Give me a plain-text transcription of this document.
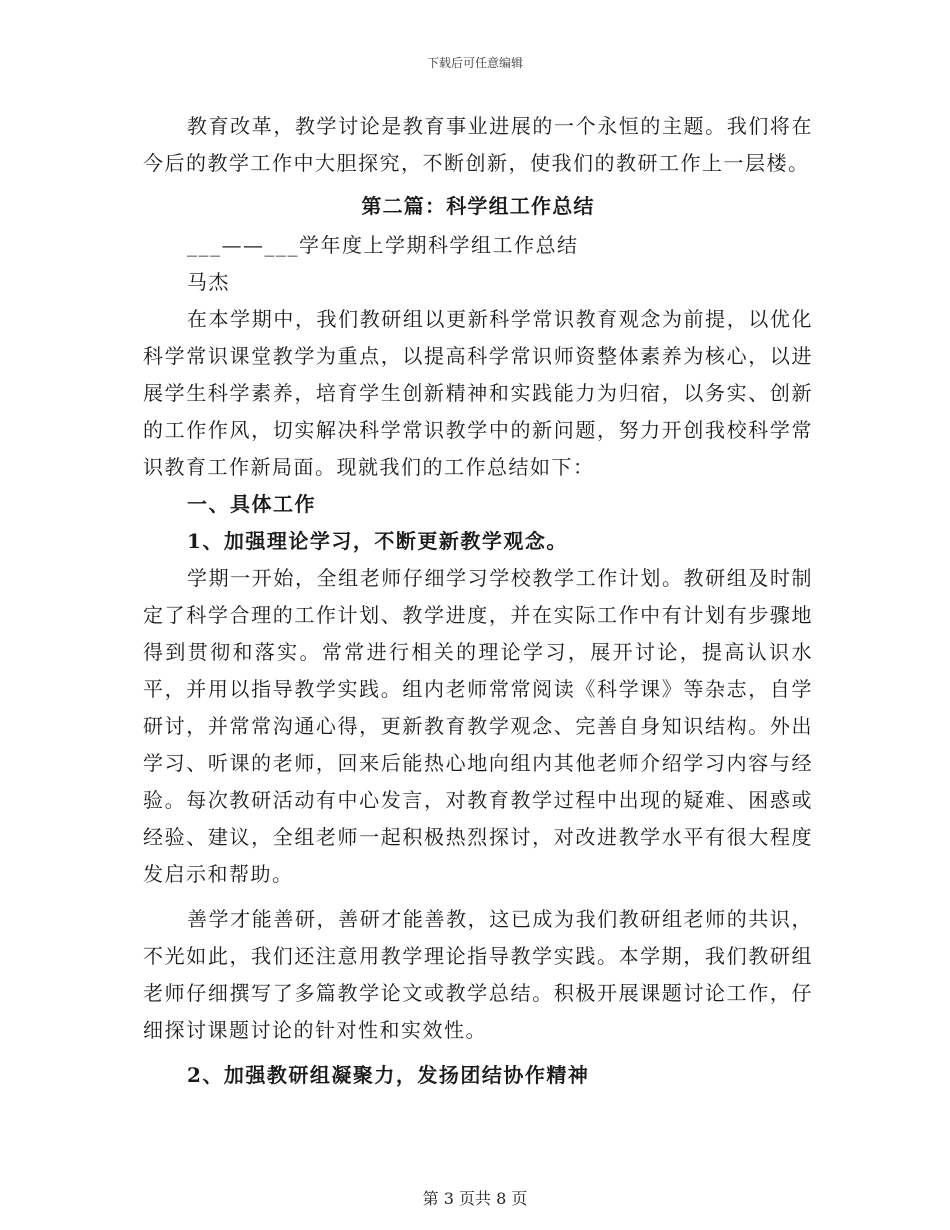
下载后可任意编辑

教育改革，教学讨论是教育事业进展的一个永恒的主题。我们将在今后的教学工作中大胆探究，不断创新，使我们的教研工作上一层楼。

第二篇：科学组工作总结

___——___学年度上学期科学组工作总结

马杰

在本学期中，我们教研组以更新科学常识教育观念为前提，以优化科学常识课堂教学为重点，以提高科学常识师资整体素养为核心，以进展学生科学素养，培育学生创新精神和实践能力为归宿，以务实、创新的工作作风，切实解决科学常识教学中的新问题，努力开创我校科学常识教育工作新局面。现就我们的工作总结如下：

一、具体工作

1、加强理论学习，不断更新教学观念。

学期一开始，全组老师仔细学习学校教学工作计划。教研组及时制定了科学合理的工作计划、教学进度，并在实际工作中有计划有步骤地得到贯彻和落实。常常进行相关的理论学习，展开讨论，提高认识水平，并用以指导教学实践。组内老师常常阅读《科学课》等杂志，自学研讨，并常常沟通心得，更新教育教学观念、完善自身知识结构。外出学习、听课的老师，回来后能热心地向组内其他老师介绍学习内容与经验。每次教研活动有中心发言，对教育教学过程中出现的疑难、困惑或经验、建议，全组老师一起积极热烈探讨，对改进教学水平有很大程度发启示和帮助。

善学才能善研，善研才能善教，这已成为我们教研组老师的共识，不光如此，我们还注意用教学理论指导教学实践。本学期，我们教研组老师仔细撰写了多篇教学论文或教学总结。积极开展课题讨论工作，仔细探讨课题讨论的针对性和实效性。

2、加强教研组凝聚力，发扬团结协作精神

第 3 页共 8 页
